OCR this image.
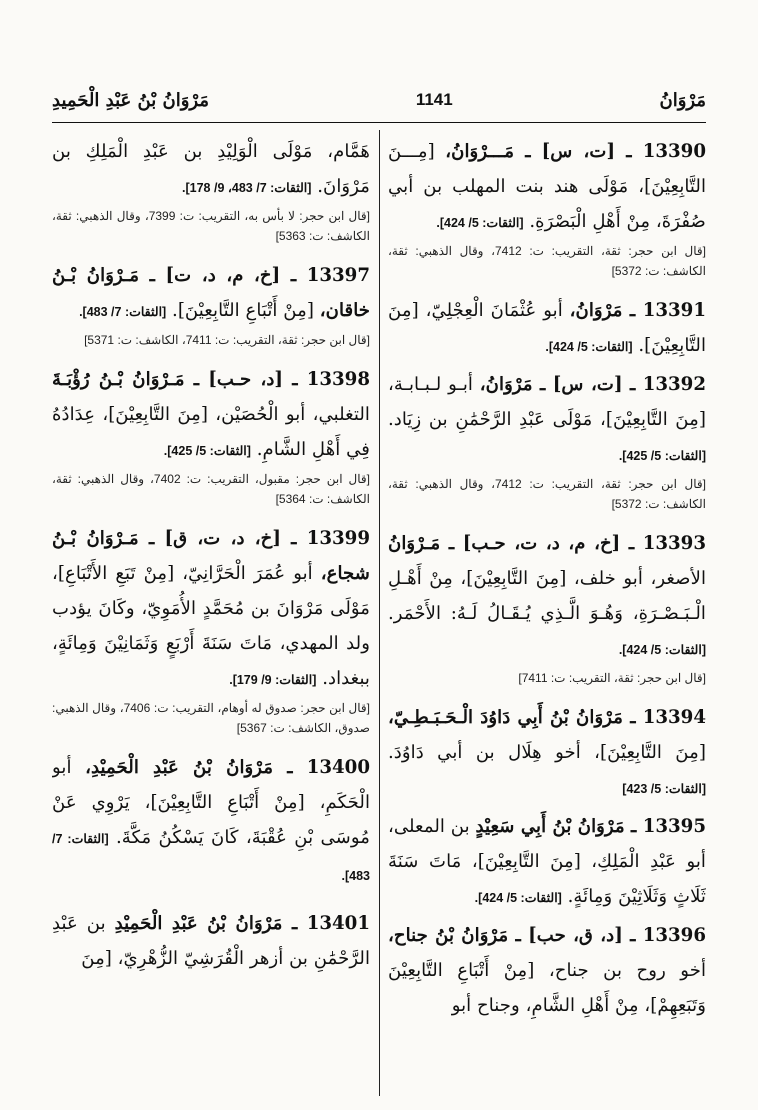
مَرْوَانُ
1141
مَرْوَانُ بْنُ عَبْدِ الْحَمِيدِ
13390 ـ [ت، س] ـ مَـــرْوَانُ، [مِـــنَ التَّابِعِيْنَ]، مَوْلَى هند بنت المهلب بن أبي صُفْرَةَ، مِنْ أَهْلِ الْبَصْرَةِ. [الثقات: 5/ 424].
[قال ابن حجر: ثقة، التقريب: ت: 7412، وقال الذهبي: ثقة، الكاشف: ت: 5372]
13391 ـ مَرْوَانُ، أبو عُثْمَانَ الْعِجْلِيّ، [مِنَ التَّابِعِيْنَ]. [الثقات: 5/ 424].
13392 ـ [ت، س] ـ مَرْوَانُ، أبـو لـبـابـة، [مِنَ التَّابِعِيْنَ]، مَوْلَى عَبْدِ الرَّحْمَٰنِ بن زِيَاد. [الثقات: 5/ 425].
[قال ابن حجر: ثقة، التقريب: ت: 7412، وقال الذهبي: ثقة، الكاشف: ت: 5372]
13393 ـ [خ، م، د، ت، حـب] ـ مَـرْوَانُ الأصغر، أبو خلف، [مِنَ التَّابِعِيْنَ]، مِنْ أَهْـلِ الْـبَـصْـرَةِ، وَهُـوَ الَّـذِي يُـقَـالُ لَـهُ: الأَحْمَر. [الثقات: 5/ 424].
[قال ابن حجر: ثقة، التقريب: ت: 7411]
13394 ـ مَرْوَانُ بْنُ أَبِي دَاوُدَ الْـحَـبَـطِـيّ، [مِنَ التَّابِعِيْنَ]، أخو هِلَال بن أبي دَاوُدَ. [الثقات: 5/ 423]
13395 ـ مَرْوَانُ بْنُ أَبِي سَعِيْدٍ بن المعلى، أبو عَبْدِ الْمَلِكِ، [مِنَ التَّابِعِيْنَ]، مَاتَ سَنَةَ ثَلَاثٍ وَثَلَاثِيْنَ وَمِائَةٍ. [الثقات: 5/ 424].
13396 ـ [د، ق، حب] ـ مَرْوَانُ بْنُ جناح، أخو روح بن جناح، [مِنْ أَتْبَاعِ التَّابِعِيْنَ وَتَبَعِهِمْ]، مِنْ أَهْلِ الشَّامِ، وجناح أبو
هَمَّام، مَوْلَى الْوَلِيْدِ بن عَبْدِ الْمَلِكِ بن مَرْوَانَ. [الثقات: 7/ 483، 9/ 178].
[قال ابن حجر: لا بأس به، التقريب: ت: 7399، وقال الذهبي: ثقة، الكاشف: ت: 5363]
13397 ـ [خ، م، د، ت] ـ مَـرْوَانُ بْـنُ خاقان، [مِنْ أَتْبَاعِ التَّابِعِيْنَ]. [الثقات: 7/ 483].
[قال ابن حجر: ثقة، التقريب: ت: 7411، الكاشف: ت: 5371]
13398 ـ [د، حـب] ـ مَـرْوَانُ بْـنُ رُؤْبَـةَ التغلبي، أبو الْحُصَيْن، [مِنَ التَّابِعِيْنَ]، عِدَادُهُ فِي أَهْلِ الشَّامِ. [الثقات: 5/ 425].
[قال ابن حجر: مقبول، التقريب: ت: 7402، وقال الذهبي: ثقة، الكاشف: ت: 5364]
13399 ـ [خ، د، ت، ق] ـ مَـرْوَانُ بْـنُ شجاع، أبو عُمَرَ الْحَرَّانِيّ، [مِنْ تَبَعِ الأَتْبَاعِ]، مَوْلَى مَرْوَانَ بن مُحَمَّدٍ الأُمَوِيّ، وكَانَ يؤدب ولد المهدي، مَاتَ سَنَةَ أَرْبَعٍ وَثَمَانِيْنَ وَمِائَةٍ، ببغداد. [الثقات: 9/ 179].
[قال ابن حجر: صدوق له أوهام، التقريب: ت: 7406، وقال الذهبي: صدوق، الكاشف: ت: 5367]
13400 ـ مَرْوَانُ بْنُ عَبْدِ الْحَمِيْدِ، أبو الْحَكَمِ، [مِنْ أَتْبَاعِ التَّابِعِيْنَ]، يَرْوِي عَنْ مُوسَى بْنِ عُقْبَةَ، كَانَ يَسْكُنُ مَكَّةَ. [الثقات: 7/ 483].
13401 ـ مَرْوَانُ بْنُ عَبْدِ الْحَمِيْدِ بن عَبْدِ الرَّحْمَٰنِ بن أزهر الْقُرَشِيّ الزُّهْرِيّ، [مِنَ
